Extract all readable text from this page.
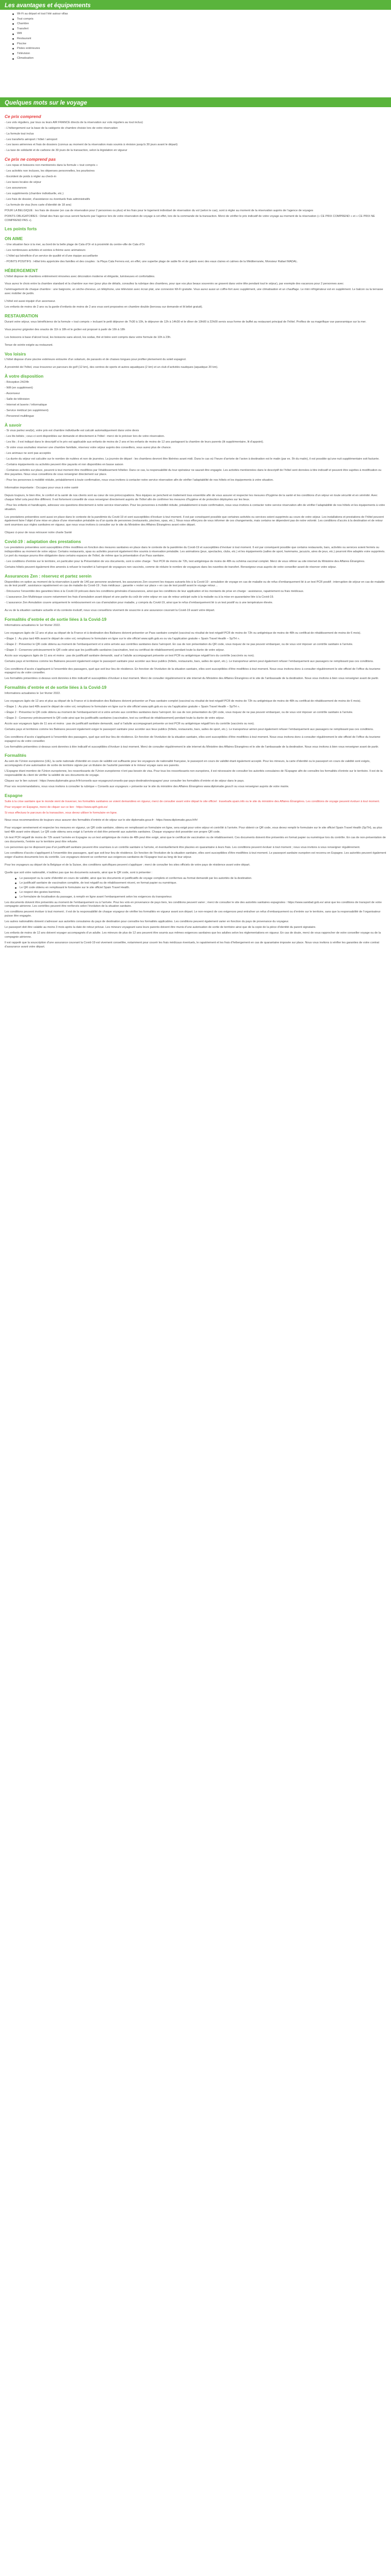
Les avantages et équipements
Wi-Fi au départ et tout l’été autour villas
Tout compris
Chambre
Transfert
Wifi
Restaurant
Piscine
Pistes extérieures
Télévision
Climatisation
Quelques mots sur le voyage
Ce prix comprend

- Les vols réguliers, par tous ou leurs AIR FRANCE directs de la réservation sur vols réguliers au tout inclus)

- L’hébergement sur la base de la catégorie de chambre choisie lors de votre réservation

- La formule tout inclus

- Les transferts aéroport / hôtel / aéroport

- Les taxes aériennes et frais de dossiers (connus au moment de la réservation mais soumis à révision jusqu’à 30 jours avant le départ)

- La taxe de solidarité et de carbone de 30 jours de la transaction, selon la législation en vigueur

Ce prix ne comprend pas

- Les repas et boissons non mentionnés dans la formule « tout compris »

- Les activités non incluses, les dépenses personnelles, les pourboires

- Excédent de poids à régler au check-in

- Les taxes locales de séjour

- Les assurances

- Les suppléments (chambre individuelle, etc.)

- Les frais de dossier, d’assistance ou éventuels frais administratifs

- La formule de visa (hors carte d’identité de 18 ans)

POUR LA BELGIQUE : les frais de dossier (en cas de réservation pour 2 personnes ou plus) et les frais pour le logement individuel de réservation du vol (selon le cas), sont à régler au moment de la réservation auprès de l’agence de voyages

POINTS OBLIGATOIRES : Détail des frais qui vous seront facturés par l’agence lors de votre réservation de voyage à cet effet, lors de la commande de la transaction. Merci de vérifier le prix indicatif de votre voyage au moment de la réservation (« CE PRIX COMPREND » et « CE PRIX NE COMPREND PAS »).

Les points forts
ON AIME

- Une situation face à la mer, au bord de la belle plage de Cala d’Or et à proximité du centre-ville de Cala d’Or

- Les nombreuses activités et soirées à thème avec animateurs

- L’hôtel qui bénéficie d’un service de qualité et d’une équipe accueillante

- POINTS POSITIFS : Hôtel très appréciée des familles et des couples : la Playa Cala Ferrera est, en effet, une superbe plage de sable fin et de galets avec des eaux claires et calmes de la Méditerranée, Monsieur Rafael MADAL.

HÉBERGEMENT

L’hôtel dispose de chambres entièrement rénovées avec décoration moderne et élégante, lumineuses et confortables.

Vous aurez le choix entre la chambre standard et la chambre vue mer (pour plus de détails, consultez la rubrique des chambres, pour que vos plus beaux souvenirs se gravent dans votre tête pendant tout le séjour), par exemple des vacances pour 2 personnes avec

l’aménagement de chaque chambre : une baignoire, un sèche-cheveux, un téléphone, une télévision avec écran plat, une connexion Wi-Fi gratuite. Vous aurez aussi un coffre-fort avec supplément, une climatisation et un chauffage. Le mini réfrigérateur est en supplément. Le balcon ou la terrasse avec mobilier de jardin.

L’hôtel est aussi équipé d’un ascenseur.

Les enfants de moins de 2 ans ou la garde d’enfants de moins de 2 ans vous sont proposées en chambre double (berceau sur demande et lit bébé gratuit).

RESTAURATION

Durant votre séjour, vous bénéficierez de la formule « tout compris » incluant le petit déjeuner de 7h30 à 10h, le déjeuner de 12h à 14h30 et le dîner de 19h00 à 22h00 servis sous forme de buffet au restaurant principal de l’hôtel. Profitez de sa magnifique vue panoramique sur la mer.

Vous pourrez grignoter des snacks de 11h à 18h et le goûter est proposé à partir de 16h à 18h

Les boissons à base d’alcool local, les boissons sans alcool, les sodas, thé et bière sont compris dans votre formule de 10h à 23h.

Tenue de soirée exigée au restaurant.

Vos loisirs

L’hôtel dispose d’une piscine extérieure entourée d’un solarium, de parasols et de chaises longues pour profiter pleinement du soleil espagnol.

À proximité de l’hôtel, vous trouverez un parcours de golf (12 km), des centres de sports et autres aquatiques (2 km) et un club d’activités nautiques (aquatique 20 km).

À votre disposition

- Réception 24/24h

- Wifi (en supplément)

- Ascenseur

- Salle de télévision

- Internet et laverie / informatique

- Service médical (en supplément)

- Personnel multilingue

À savoir

- Si vous partez seul(e), votre prix est chambre individuelle est calculé automatiquement dans votre devis

- Les lits bébés ; ceux-ci sont disponibles sur demande et directement à l’hôtel : merci de le préciser lors de votre réservation.

- Les lits ; il est indiqué dans le descriptif si le prix est applicable aux enfants de moins de 2 ans et les enfants de moins de 12 ans partageant la chambre de leurs parents (lit supplémentaire, lit d’appoint).

- Si votre vous souhaitez réserver une chambre familiale, réservez votre séjour auprès des conseillers, vous aurez plus de chance.

- Les animaux ne sont pas acceptés

- La durée du séjour est calculée sur le nombre de nuitées et non de journées. La journée de départ : les chambres devront être libérées avant midi. Dans le cas où l’heure d’arrivée de l’avion à destination est le matin (par ex. 5h du matin), il est possible qu’une nuit supplémentaire soit facturée.

- Certains équipements ou activités peuvent être payants et non disponibles en basse saison

- Certaines activités sur place, peuvent à tout moment être modifiées par l’établissement hôtelier. Dans ce cas, la responsabilité du tour opérateur ne saurait être engagée. Les activités mentionnées dans le descriptif de l’hôtel sont données à titre indicatif et peuvent être sujettes à modification ou être payantes. Nous vous conseillons de vous renseigner directement sur place.

- Pour les personnes à mobilité réduite, préalablement à toute confirmation, nous vous invitons à contacter notre service réservation afin de vérifier l’adaptabilité de nos hôtels et les équipements à votre situation.

Information importante : Occupez pour vous à votre santé

Depuis toujours, le bien être, le confort et la santé de nos clients sont au cœur de nos préoccupations. Nos équipes se penchent en traitement tous ensemble afin de vous assurer et respecter les mesures d’hygiène de la santé et les conditions d’un séjour en toute sécurité et en sérénité. Avec chaque hôtel cela peut être différent. Il est fortement conseillé de vous renseigner directement auprès de l’hôtel afin de confirmer les mesures d’hygiène et de protection déployées sur les lieux.

- Pour les enfants et handicapés, adressez vos questions directement à notre service réservation. Pour les personnes à mobilité réduite, préalablement à toute confirmation, nous vous invitons à contacter notre service réservation afin de vérifier l’adaptabilité de nos hôtels et les équipements à votre situation.

Les prestations présentées sont aussi en place dans le contexte de la pandémie du Covid-19 et sont susceptibles d’évoluer à tout moment. Il est par conséquent possible que certaines activités ou services soient supprimés au cours de votre séjour. Les installations et prestations de l’hôtel peuvent également faire l’objet d’une mise en place d’une réservation préalable ou d’un quota de personnes (restaurants, piscines, spas, etc.). Nous nous efforçons de vous informer de ces changements, mais certains ne dépendent pas de notre volonté. Les conditions d’accès à la destination et de retour sont soumises aux règles sanitaires en vigueur, que nous vous invitons à consulter sur le site du Ministère des Affaires Étrangères avant votre départ.

Cliquez ci-pour de nous retrouver notre charte Santé

Covid-19 : adaptation des prestations

Les prestations présentées sont susceptibles d’être modifiées en fonction des mesures sanitaires en place dans le contexte de la pandémie du Covid-19 et susceptibles d’évoluer à tout moment. Il est par conséquent possible que certains restaurants, bars, activités ou services soient fermés ou indisponibles au moment de votre séjour. Certains restaurants, spas ou activités pourront également être soumis à réservation préalable. Les animations (jeux, spectacles, clubs, etc.) et les équipements (salles de sport, hammams, jacuzzis, aires de jeux, etc.) pourront être adaptés voire supprimés. Le port du masque pourra être obligatoire dans certains espaces de l’hôtel, de même que la présentation d’un Pass sanitaire.

- Les conditions d’entrée sur le territoire, en particulier pour la Présentation de vos documents, sont à votre charge : Test PCR de moins de 72h, test antigénique de moins de 48h ou schéma vaccinal complet. Merci de vous référer au site internet du Ministère des Affaires Étrangères.

Certains hôtels peuvent également être amenés à refuser le transfert à l’aéroport de voyageurs non vaccinés, comme de réduire le nombre de voyageurs dans les navettes de transfert. Renseignez-vous auprès de votre conseiller avant de réserver votre séjour.

Assurances Zen : réservez et partez serein

Disponibles en option au moment de la réservation à partir de 14€ par personne seulement, les assurances Zen couvrent les risques suivants liés à la Covid-19 : annulation de voyage en cas de maladie ou de refus d’embarquement lié à un test PCR positif ; interruption de séjour en cas de maladie ou de test positif ; assistance rapatriement en cas de maladie du Covid-19 ; frais médicaux ; garantie « rester sur place » en cas de test positif avant le voyage retour…

- Découvrez l’ensemble des garanties liées à la Covid-19 prévues dans les conditions générales d’assurances, ainsi que les conditions de leur application et les montants de prise en charge : assistance, rapatriement ou frais médicaux.

- L’assurance Zen Multirisque couvre notamment les frais d’annulation avant départ et une partie du coût de votre séjour en cas de retour anticipé suite à la maladie ou à la mise en quarantaine liée à la Covid-19.

- L’assurance Zen Annulation couvre uniquement le remboursement en cas d’annulation pour maladie, y compris du Covid-19, ainsi que le refus d’embarquement lié à un test positif ou à une température élevée.

Au vu de la situation sanitaire actuelle et du contexte évolutif, nous vous conseillons vivement de souscrire à une assurance couvrant la Covid-19 avant votre départ.

Formalités d’entrée et de sortie liées à la Covid-19

Informations actualisées le 1er février 2022.

Les voyageurs âgés de 12 ans et plus au départ de la France et à destination des Baléares doivent présenter un Pass sanitaire complet (vaccinal ou résultat de test négatif PCR de moins de 72h ou antigénique de moins de 48h ou certificat de rétablissement de moins de 6 mois).

• Étape 1 : Au plus tard 48h avant le départ de votre vol, remplissez le formulaire en ligne sur le site officiel www.spth.gob.es ou via l’application gratuite « Spain Travel Health – SpTH ».

• Étape 2 : Présentez le QR code obtenu au moment de l’embarquement et à votre arrivée aux contrôles sanitaires dans l’aéroport. En cas de non présentation du QR code, vous risquez de ne pas pouvoir embarquer, ou de vous voir imposer un contrôle sanitaire à l’arrivée.

• Étape 3 : Conservez précieusement le QR code ainsi que les justificatifs sanitaires (vaccination, test ou certificat de rétablissement) pendant toute la durée de votre séjour.

Accès aux voyageurs âgés de 11 ans et moins : pas de justificatif sanitaire demandé, sauf si l’adulte accompagnant présente un test PCR ou antigénique négatif lors du contrôle (vaccinés ou non).

Certains pays et territoires comme les Baléares peuvent également exiger le passeport sanitaire pour accéder aux lieux publics (hôtels, restaurants, bars, salles de sport, etc.). Le transporteur aérien peut également refuser l’embarquement aux passagers ne remplissant pas ces conditions.

Ces conditions d’accès s’appliquent à l’ensemble des passagers, quel que soit leur lieu de résidence. En fonction de l’évolution de la situation sanitaire, elles sont susceptibles d’être modifiées à tout moment. Nous vous invitons donc à consulter régulièrement le site officiel de l’office du tourisme espagnol ou de votre conseiller.

Les formalités présentées ci-dessus sont données à titre indicatif et susceptibles d’évoluer à tout moment. Merci de consulter régulièrement le site internet du Ministère des Affaires Étrangères et le site de l’ambassade de la destination. Nous vous invitons à bien vous renseigner avant de partir.

Formalités d’entrée et de sortie liées à la Covid-19

Informations actualisées le 1er février 2022.

Les voyageurs âgés de 12 ans et plus au départ de la France et à destination des Baléares doivent présenter un Pass sanitaire complet (vaccinal ou résultat de test négatif PCR de moins de 72h ou antigénique de moins de 48h ou certificat de rétablissement de moins de 6 mois).

• Étape 1 : Au plus tard 48h avant le départ de votre vol, remplissez le formulaire en ligne sur le site officiel www.spth.gob.es ou via l’application gratuite « Spain Travel Health – SpTH ».

• Étape 2 : Présentez le QR code obtenu au moment de l’embarquement et à votre arrivée aux contrôles sanitaires dans l’aéroport. En cas de non présentation du QR code, vous risquez de ne pas pouvoir embarquer, ou de vous voir imposer un contrôle sanitaire à l’arrivée.

• Étape 3 : Conservez précieusement le QR code ainsi que les justificatifs sanitaires (vaccination, test ou certificat de rétablissement) pendant toute la durée de votre séjour.

Accès aux voyageurs âgés de 11 ans et moins : pas de justificatif sanitaire demandé, sauf si l’adulte accompagnant présente un test PCR ou antigénique négatif lors du contrôle (vaccinés ou non).

Certains pays et territoires comme les Baléares peuvent également exiger le passeport sanitaire pour accéder aux lieux publics (hôtels, restaurants, bars, salles de sport, etc.). Le transporteur aérien peut également refuser l’embarquement aux passagers ne remplissant pas ces conditions.

Ces conditions d’accès s’appliquent à l’ensemble des passagers, quel que soit leur lieu de résidence. En fonction de l’évolution de la situation sanitaire, elles sont susceptibles d’être modifiées à tout moment. Nous vous invitons donc à consulter régulièrement le site officiel de l’office du tourisme espagnol ou de votre conseiller.

Les formalités présentées ci-dessus sont données à titre indicatif et susceptibles d’évoluer à tout moment. Merci de consulter régulièrement le site internet du Ministère des Affaires Étrangères et le site de l’ambassade de la destination. Nous vous invitons à bien vous renseigner avant de partir.

Formalités

Au sein de l’Union européenne (UE), la carte nationale d’identité en cours de validité est suffisante pour les voyageurs de nationalité française, le passeport en cours de validité étant également accepté. Pour les mineurs, la carte d’identité ou le passeport en cours de validité sont exigés, accompagnés d’une autorisation de sortie de territoire signée par un titulaire de l’autorité parentale si le mineur voyage sans ses parents.

L’Espagne étant membre de l’Union européenne, les ressortissants de l’Union européenne n’ont pas besoin de visa. Pour tous les ressortissants non européens, il est nécessaire de consulter les autorités consulaires de l’Espagne afin de connaître les formalités d’entrée sur le territoire. Il est de la responsabilité du client de vérifier la validité de ses documents de voyage.

Cliquez sur le lien suivant : https://www.diplomatie.gouv.fr/fr/conseils-aux-voyageurs/conseils-par-pays-destination/espagne/ pour consulter les formalités d’entrée et de séjour dans le pays.

Pour vos recommandations, nous vous invitons à consulter la rubrique « Conseils aux voyageurs » présente sur le site du ministère des Affaires Étrangères www.diplomatie.gouv.fr ou vous renseigner auprès de votre mairie.

Espagne

Suite à la crise sanitaire que le monde vient de traverser, les formalités sanitaires se voient demandées en rigueur, merci de consulter avant votre départ le site officiel : travelsafe.spain.info ou le site du ministère des Affaires Étrangères. Les conditions de voyage peuvent évoluer à tout moment.

Pour voyager en Espagne, merci de cliquer sur ce lien : https://www.spth.gob.es/

Si vous effectuez le parcours de la transaction, vous devez utiliser le formulaire en ligne.

Nous vous recommandons de toujours vous assurer des formalités d’entrée et de séjour sur le site diplomatie.gouv.fr : https://www.diplomatie.gouv.fr/fr/

Pour voyager sereinement et respecter les mesures en vigueur, un QR code sanitaire, obtenu en remplissant un formulaire en ligne, sera exigé pour votre séjour et contrôlé à l’arrivée. Pour obtenir ce QR code, vous devez remplir le formulaire sur le site officiel Spain Travel Health (SpTH), au plus tard 48h avant votre départ. Le QR code obtenu sera exigé à l’arrivée et doit être présenté aux autorités sanitaires. Chaque voyageur doit posséder son propre QR code.

Un test PCR négatif de moins de 72h avant l’arrivée en Espagne ou un test antigénique de moins de 48h peut être exigé, ainsi que le certificat de vaccination ou de rétablissement. Ces documents doivent être présentés en format papier ou numérique lors du contrôle. En cas de non-présentation de ces documents, l’entrée sur le territoire peut être refusée.

Les personnes qui ne disposent pas d’un justificatif sanitaire peuvent être soumises à un contrôle sanitaire à l’arrivée, et éventuellement être placées en quarantaine à leurs frais. Les conditions peuvent évoluer à tout moment ; nous vous invitons à vous renseigner régulièrement.

Les conditions d’accès s’appliquent à l’ensemble des passagers, quel que soit leur lieu de résidence. En fonction de l’évolution de la situation sanitaire, elles sont susceptibles d’être modifiées à tout moment. Le passeport sanitaire européen est reconnu en Espagne. Les autorités peuvent également exiger d’autres documents lors du contrôle. Les voyageurs doivent se conformer aux exigences sanitaires de l’Espagne tout au long de leur séjour.

Pour les voyageurs au départ de la Belgique et de la Suisse, des conditions spécifiques peuvent s’appliquer ; merci de consulter les sites officiels de votre pays de résidence avant votre départ.

Quelle que soit votre nationalité, n’oubliez pas que les documents suivants, ainsi que le QR code, sont à présenter :

Le passeport ou la carte d’identité en cours de validité, ainsi que les documents et justificatifs de voyage complets et conformes au format demandé par les autorités de la destination.
Le justificatif sanitaire de vaccination complète, de test négatif ou de rétablissement récent, en format papier ou numérique.
Le QR code obtenu en remplissant le formulaire sur le site officiel Spain Travel Health.
Le respect des gestes barrières.
Le formulaire de localisation du passager, à remplir en ligne avant l’embarquement selon les exigences du transporteur.

Les documents doivent être présentés au moment de l’embarquement ou à l’arrivée. Pour les vols en provenance de pays tiers, les conditions peuvent varier ; merci de consulter le site des autorités sanitaires espagnoles : https://www.sanidad.gob.es/ ainsi que les conditions de transport de votre compagnie aérienne. Les contrôles peuvent être renforcés selon l’évolution de la situation sanitaire.

Les conditions peuvent évoluer à tout moment ; il est de la responsabilité de chaque voyageur de vérifier les formalités en vigueur avant son départ. Le non-respect de ces exigences peut entraîner un refus d’embarquement ou d’entrée sur le territoire, sans que la responsabilité de l’organisateur puisse être engagée.

Les autres nationalités doivent s’adresser aux autorités consulaires du pays de destination pour connaître les formalités applicables. Les conditions peuvent également varier en fonction du pays de provenance du voyageur.

Le passeport doit être valable au moins 3 mois après la date de retour prévue. Les mineurs voyageant sans leurs parents doivent être munis d’une autorisation de sortie de territoire ainsi que de la copie de la pièce d’identité du parent signataire.

Les enfants de moins de 12 ans doivent voyager accompagnés d’un adulte. Les mineurs de plus de 12 ans peuvent être soumis aux mêmes exigences sanitaires que les adultes selon les réglementations en vigueur. En cas de doute, merci de vous rapprocher de votre conseiller voyage ou de la compagnie aérienne.

Il est rappelé que la souscription d’une assurance couvrant la Covid-19 est vivement conseillée, notamment pour couvrir les frais médicaux éventuels, le rapatriement et les frais d’hébergement en cas de quarantaine imposée sur place. Nous vous invitons à vérifier les garanties de votre contrat d’assurance avant votre départ.
